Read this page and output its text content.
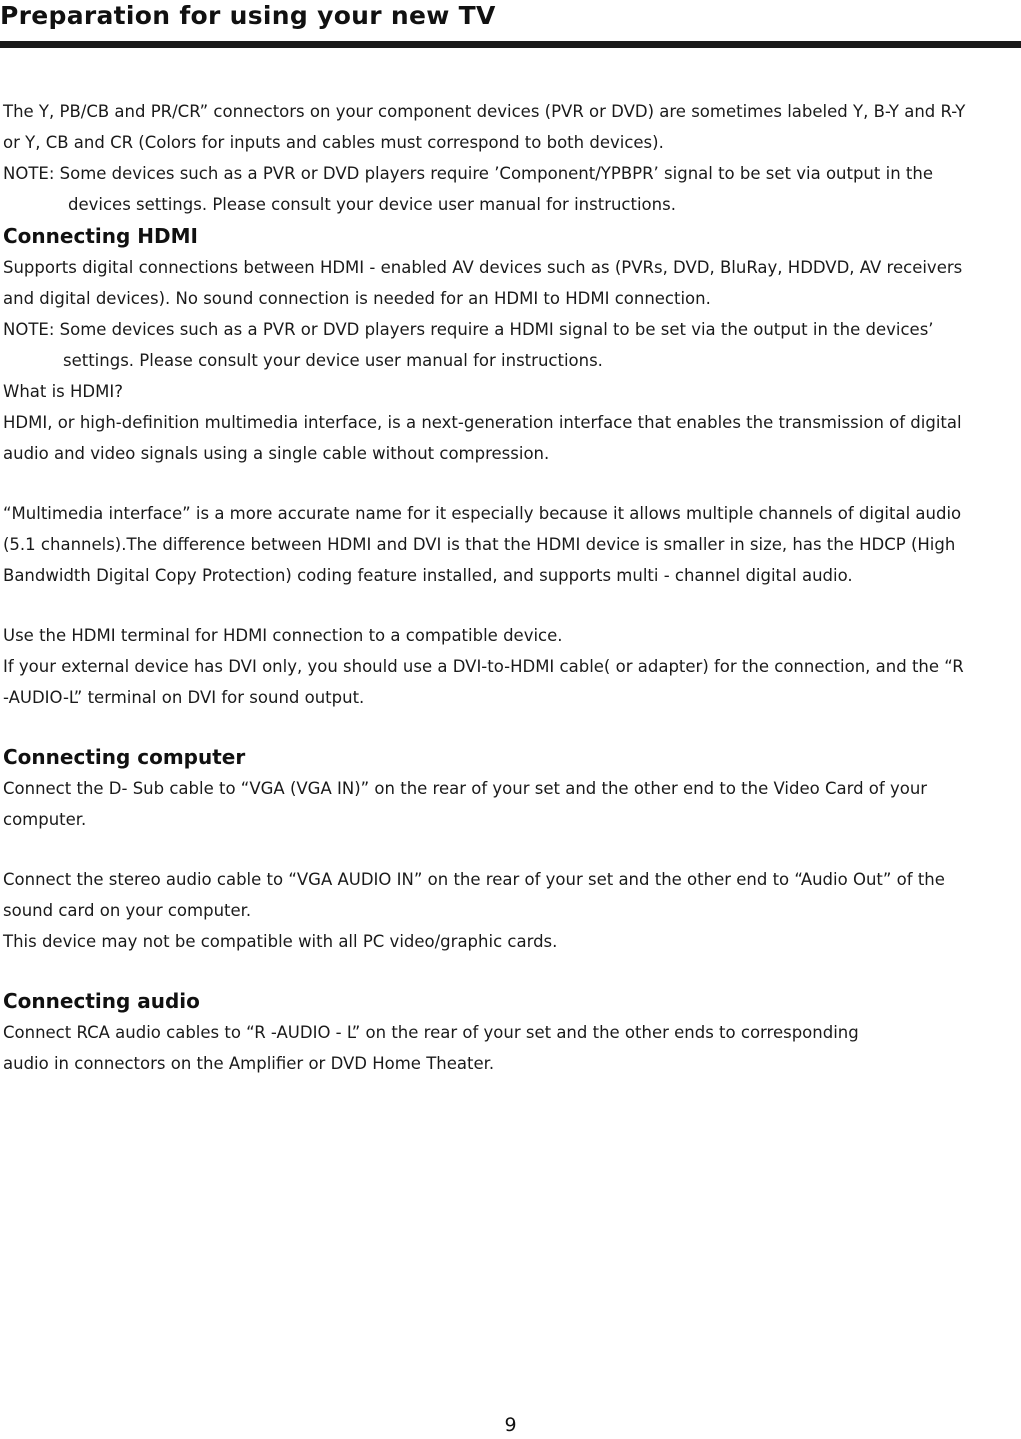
Preparation for using your new TV

The Y, PB/CB and PR/CR” connectors on your component devices (PVR or DVD) are sometimes labeled Y, B-Y and R-Y

or Y, CB and CR (Colors for inputs and cables must correspond to both devices).

NOTE: Some devices such as a PVR or DVD players require ’Component/YPBPR’ signal to be set via output in the

devices settings. Please consult your device user manual for instructions.

Connecting HDMI

Supports digital connections between HDMI - enabled AV devices such as (PVRs, DVD, BluRay, HDDVD, AV receivers

and digital devices). No sound connection is needed for an HDMI to HDMI connection.

NOTE: Some devices such as a PVR or DVD players require a HDMI signal to be set via the output in the devices’

settings. Please consult your device user manual for instructions.

What is HDMI?

HDMI, or high-definition multimedia interface, is a next-generation interface that enables the transmission of digital

audio and video signals using a single cable without compression.

“Multimedia interface” is a more accurate name for it especially because it allows multiple channels of digital audio

(5.1 channels).The difference between HDMI and DVI is that the HDMI device is smaller in size, has the HDCP (High

Bandwidth Digital Copy Protection) coding feature installed, and supports multi - channel digital audio.

Use the HDMI terminal for HDMI connection to a compatible device.

If your external device has DVI only, you should use a DVI-to-HDMI cable( or adapter) for the connection, and the “R

-AUDIO-L” terminal on DVI for sound output.

Connecting computer

Connect the D- Sub cable to “VGA (VGA IN)” on the rear of your set and the other end to the Video Card of your

computer.

Connect the stereo audio cable to “VGA AUDIO IN” on the rear of your set and the other end to “Audio Out” of the

sound card on your computer.

This device may not be compatible with all PC video/graphic cards.

Connecting audio

Connect RCA audio cables to “R -AUDIO - L” on the rear of your set and the other ends to corresponding

audio in connectors on the Amplifier or DVD Home Theater.

9
